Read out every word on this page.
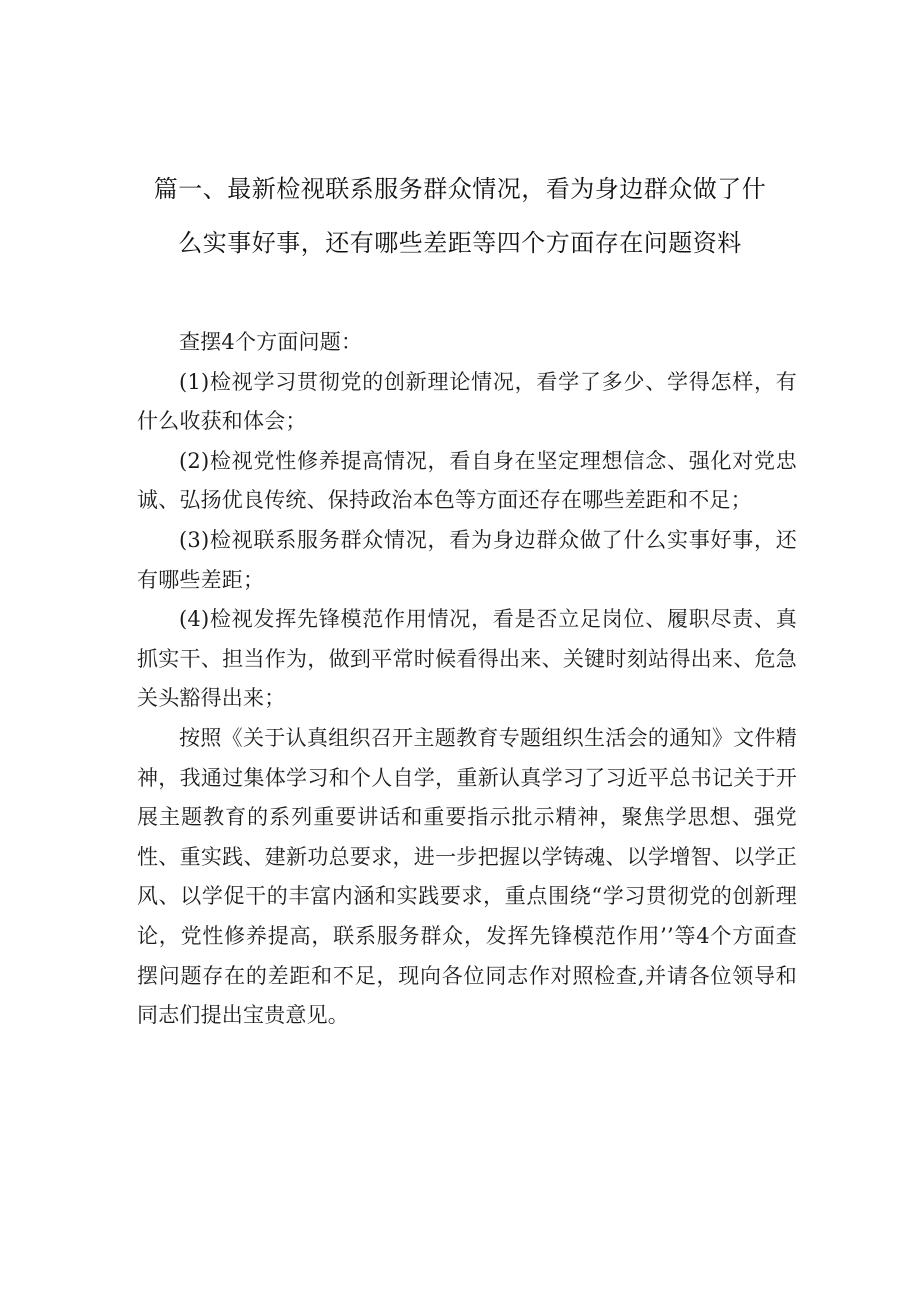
篇一、最新检视联系服务群众情况，看为身边群众做了什
么实事好事，还有哪些差距等四个方面存在问题资料

查摆4个方面问题：

(1)检视学习贯彻党的创新理论情况，看学了多少、学得怎样，有什么收获和体会；

(2)检视党性修养提高情况，看自身在坚定理想信念、强化对党忠诚、弘扬优良传统、保持政治本色等方面还存在哪些差距和不足；

(3)检视联系服务群众情况，看为身边群众做了什么实事好事，还有哪些差距；

(4)检视发挥先锋模范作用情况，看是否立足岗位、履职尽责、真抓实干、担当作为，做到平常时候看得出来、关键时刻站得出来、危急关头豁得出来；

按照《关于认真组织召开主题教育专题组织生活会的通知》文件精神，我通过集体学习和个人自学，重新认真学习了习近平总书记关于开展主题教育的系列重要讲话和重要指示批示精神，聚焦学思想、强党性、重实践、建新功总要求，进一步把握以学铸魂、以学增智、以学正风、以学促干的丰富内涵和实践要求，重点围绕“学习贯彻党的创新理论，党性修养提高，联系服务群众，发挥先锋模范作用’’等4个方面查摆问题存在的差距和不足，现向各位同志作对照检查,并请各位领导和同志们提出宝贵意见。
